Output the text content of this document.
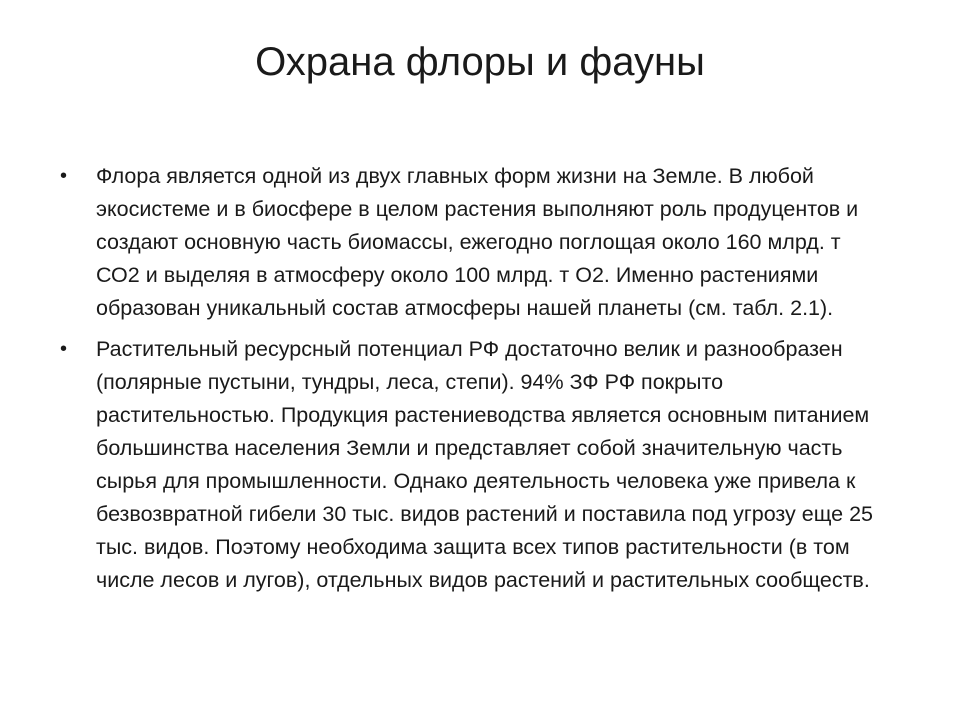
Охрана флоры и фауны
•	Флора является одной из двух главных форм жизни на Земле. В любой экосистеме и в биосфере в целом растения выполняют роль продуцентов и создают основную часть биомассы, ежегодно поглощая около 160 млрд. т СО2 и выделяя в атмосферу около 100 млрд. т О2. Именно растениями образован уникальный состав атмосферы нашей планеты (см. табл. 2.1).
•	Растительный ресурсный потенциал РФ достаточно велик и разнообразен (полярные пустыни, тундры, леса, степи). 94% ЗФ РФ покрыто растительностью. Продукция растениеводства является основным питанием большинства населения Земли и представляет собой значительную часть сырья для промышленности. Однако деятельность человека уже привела к безвозвратной гибели 30 тыс. видов растений и поставила под угрозу еще 25 тыс. видов. Поэтому необходима защита всех типов растительности (в том числе лесов и лугов), отдельных видов растений и растительных сообществ.
